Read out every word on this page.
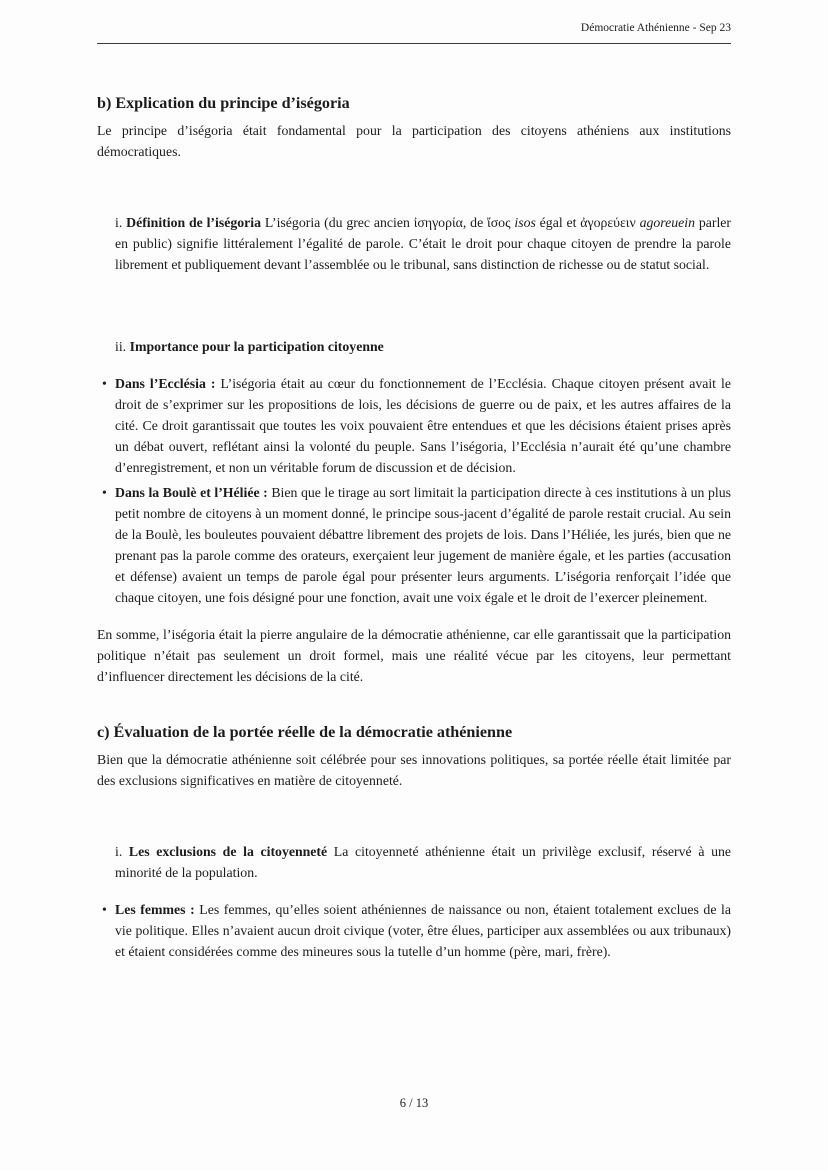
Démocratie Athénienne - Sep 23
b) Explication du principe d’iségoria

Le principe d’iségoria était fondamental pour la participation des citoyens athéniens aux institutions démocratiques.

i. Définition de l’iségoria L’iségoria (du grec ancien ἰσηγορία, de ἴσος isos égal et ἀγορεύειν agoreuein parler en public) signifie littéralement l’égalité de parole. C’était le droit pour chaque citoyen de prendre la parole librement et publiquement devant l’assemblée ou le tribunal, sans distinction de richesse ou de statut social.

ii. Importance pour la participation citoyenne

• Dans l’Ecclésia : L’iségoria était au cœur du fonctionnement de l’Ecclésia. Chaque citoyen présent avait le droit de s’exprimer sur les propositions de lois, les décisions de guerre ou de paix, et les autres affaires de la cité. Ce droit garantissait que toutes les voix pouvaient être entendues et que les décisions étaient prises après un débat ouvert, reflétant ainsi la volonté du peuple. Sans l’iségoria, l’Ecclésia n’aurait été qu’une chambre d’enregistrement, et non un véritable forum de discussion et de décision.
• Dans la Boulè et l’Héliée : Bien que le tirage au sort limitait la participation directe à ces institutions à un plus petit nombre de citoyens à un moment donné, le principe sous-jacent d’égalité de parole restait crucial. Au sein de la Boulè, les bouleutes pouvaient débattre librement des projets de lois. Dans l’Héliée, les jurés, bien que ne prenant pas la parole comme des orateurs, exerçaient leur jugement de manière égale, et les parties (accusation et défense) avaient un temps de parole égal pour présenter leurs arguments. L’iségoria renforçait l’idée que chaque citoyen, une fois désigné pour une fonction, avait une voix égale et le droit de l’exercer pleinement.

En somme, l’iségoria était la pierre angulaire de la démocratie athénienne, car elle garantissait que la participation politique n’était pas seulement un droit formel, mais une réalité vécue par les citoyens, leur permettant d’influencer directement les décisions de la cité.

c) Évaluation de la portée réelle de la démocratie athénienne

Bien que la démocratie athénienne soit célébrée pour ses innovations politiques, sa portée réelle était limitée par des exclusions significatives en matière de citoyenneté.

i. Les exclusions de la citoyenneté La citoyenneté athénienne était un privilège exclusif, réservé à une minorité de la population.

• Les femmes : Les femmes, qu’elles soient athéniennes de naissance ou non, étaient totalement exclues de la vie politique. Elles n’avaient aucun droit civique (voter, être élues, participer aux assemblées ou aux tribunaux) et étaient considérées comme des mineures sous la tutelle d’un homme (père, mari, frère).
6 / 13
